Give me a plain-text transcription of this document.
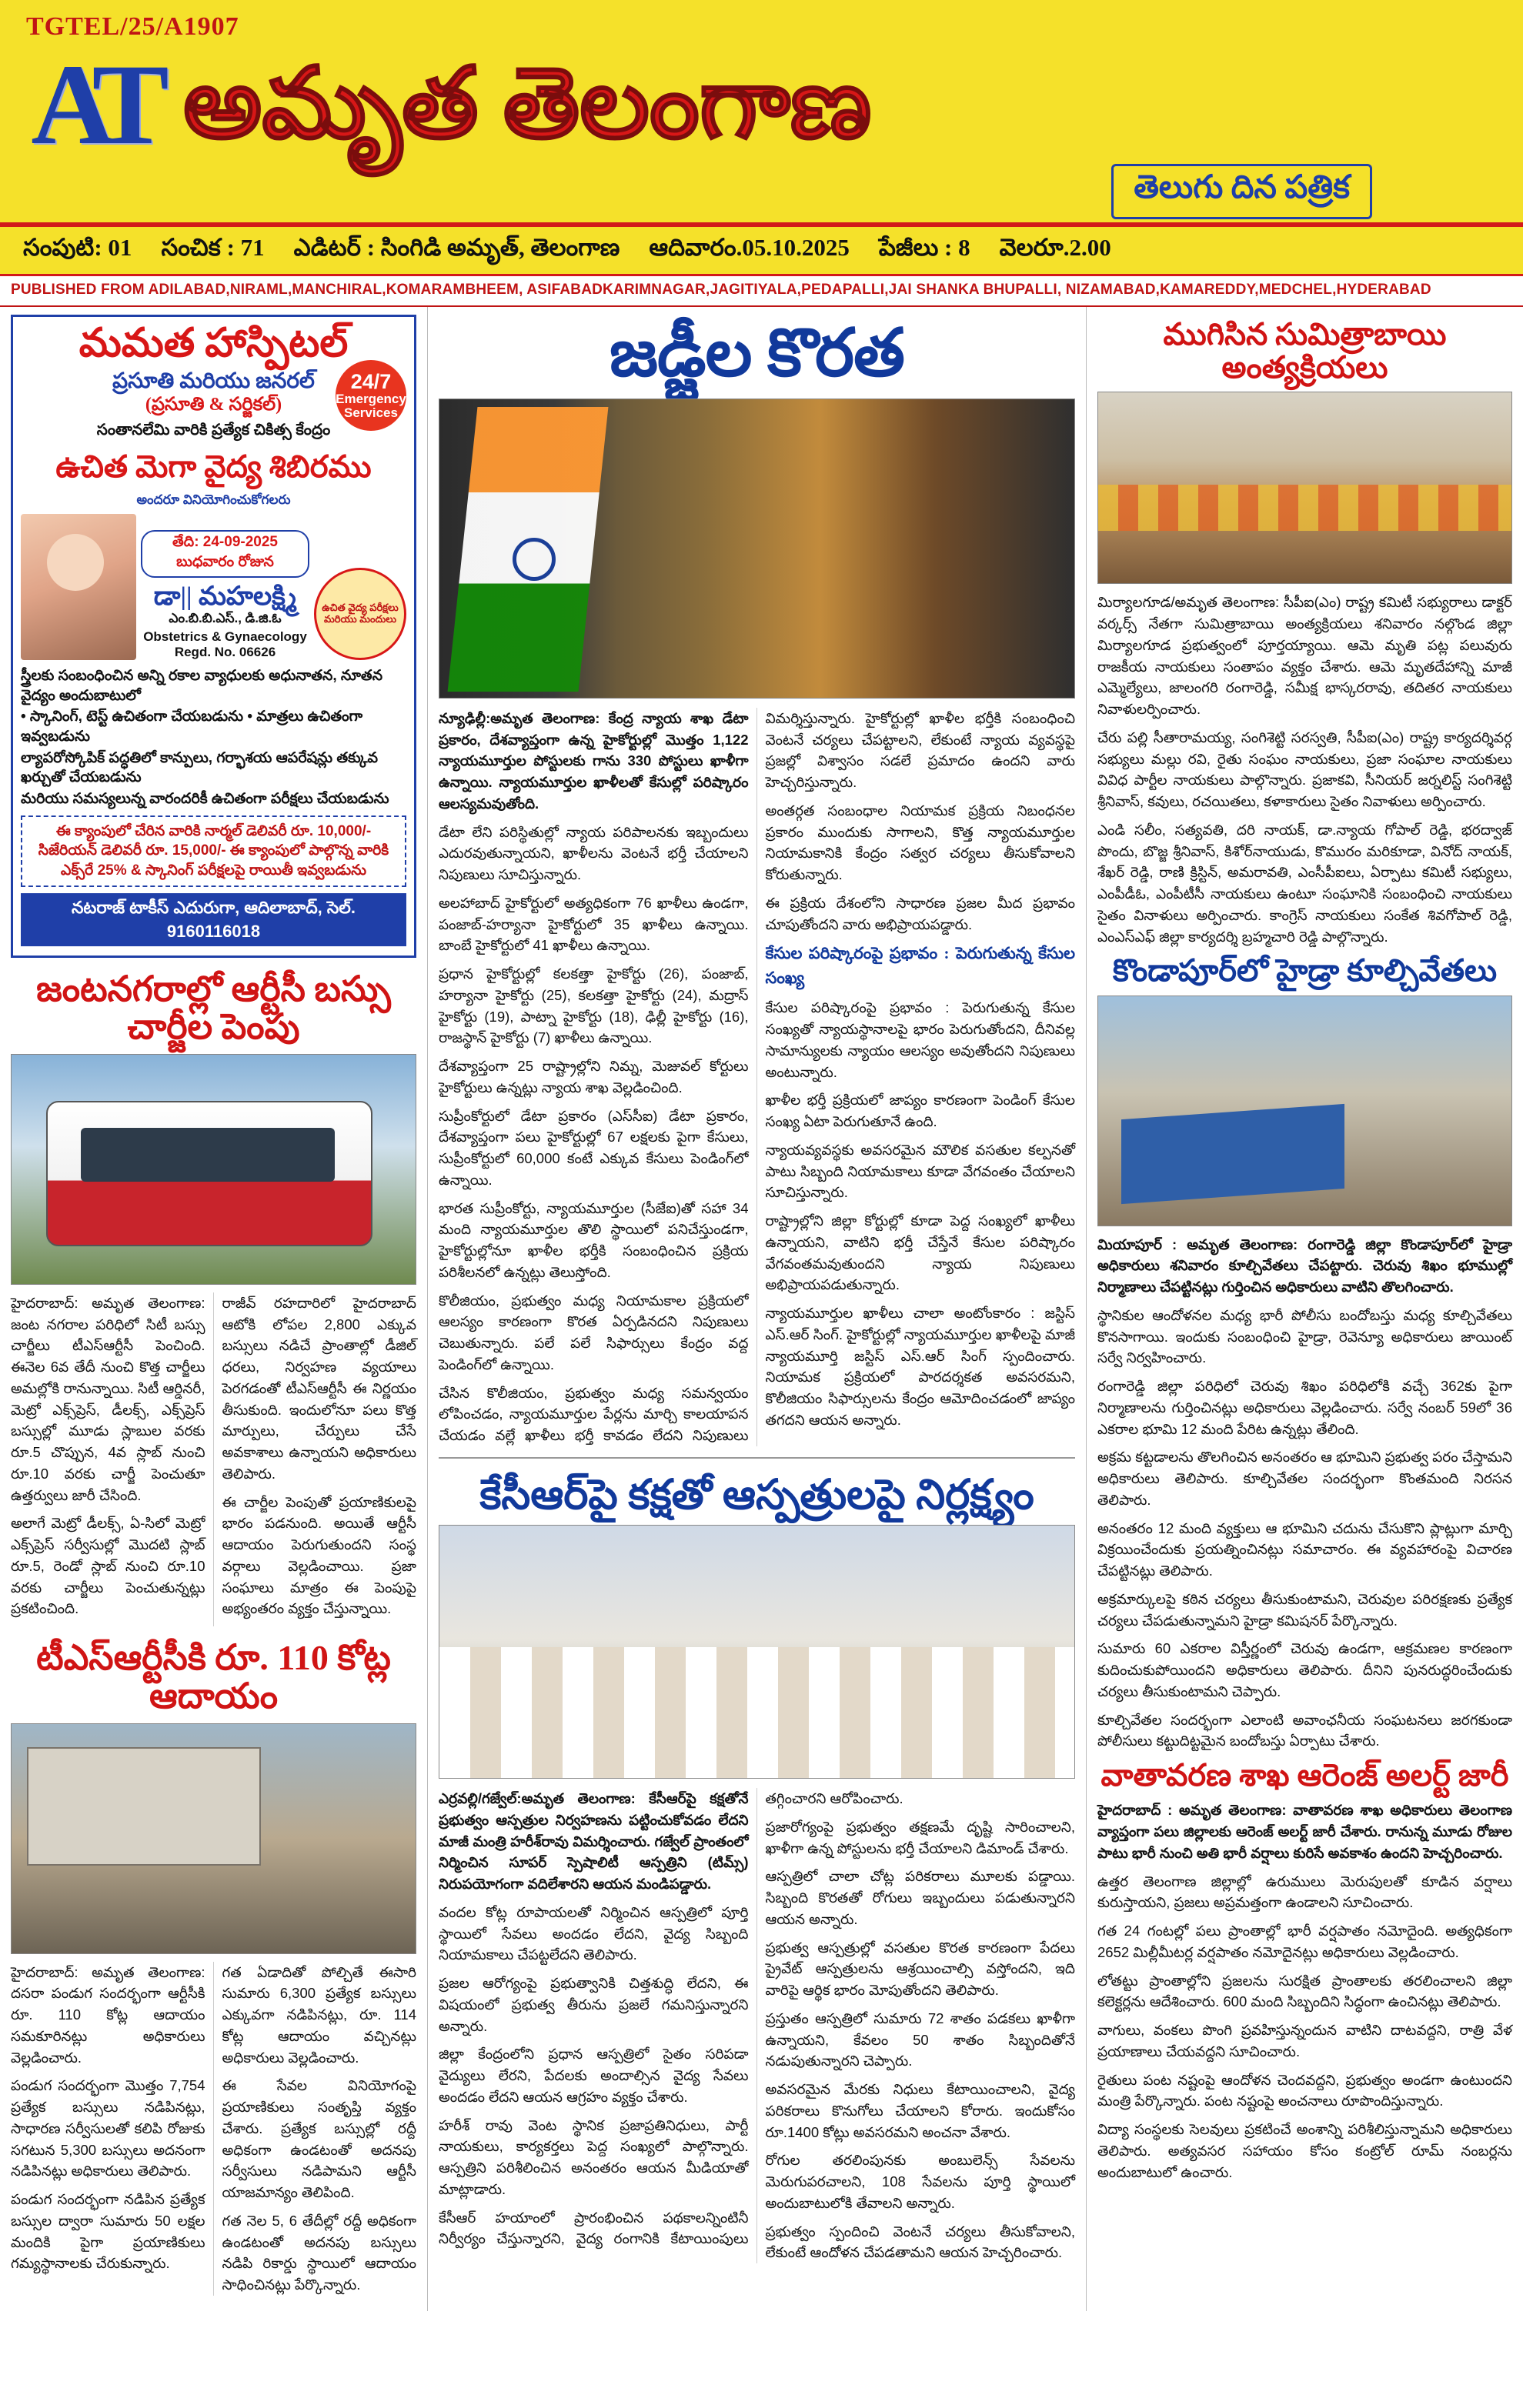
TGTEL/25/A1907
AT అమృత తెలంగాణ
తెలుగు దిన పత్రిక
సంపుటి: 01 సంచిక : 71 ఎడిటర్ : సింగిడి అమృత్, తెలంగాణ ఆదివారం.05.10.2025 పేజీలు : 8 వెలరూ.2.00
PUBLISHED FROM ADILABAD,NIRAML,MANCHIRAL,KOMARAMBHEEM, ASIFABADKARIMNAGAR,JAGITIYALA,PEDAPALLI,JAI SHANKA BHUPALLI, NIZAMABAD,KAMAREDDY,MEDCHEL,HYDERABAD
మమత హాస్పిటల్
ప్రసూతి మరియు జనరల్
(ప్రసూతి & సర్జికల్)
సంతానలేమి వారికి ప్రత్యేక చికిత్స కేంద్రం
24/7
Emergency Services
ఉచిత మెగా వైద్య శిబిరము
అందరూ వినియోగించుకోగలరు
తేది: 24-09-2025 బుధవారం రోజున
డా|| మహలక్ష్మి
ఎం.బి.బి.ఎస్., డి.జి.ఓ
Obstetrics & Gynaecology
Regd. No. 06626
ఉచిత వైద్య పరీక్షలు మరియు మందులు
స్త్రీలకు సంబంధించిన అన్ని రకాల వ్యాధులకు అధునాతన, నూతన వైద్యం అందుబాటులో
• స్కానింగ్, టెస్ట్ ఉచితంగా చేయబడును • మాత్రలు ఉచితంగా ఇవ్వబడును
ల్యాపరోస్కోపిక్ పద్ధతిలో కాన్పులు, గర్భాశయ ఆపరేషన్లు తక్కువ ఖర్చుతో చేయబడును
మరియు సమస్యలున్న వారందరికీ ఉచితంగా పరీక్షలు చేయబడును
ఈ క్యాంపులో చేరిన వారికి నార్మల్ డెలివరీ రూ. 10,000/- సిజేరియన్ డెలివరీ రూ. 15,000/- ఈ క్యాంపులో పాల్గొన్న వారికి ఎక్స్‌రే 25% & స్కానింగ్ పరీక్షలపై రాయితీ ఇవ్వబడును
నటరాజ్ టాకీస్ ఎదురుగా, ఆదిలాబాద్, సెల్. 9160116018
జంటనగరాల్లో ఆర్టీసీ బస్సు చార్జీల పెంపు

హైదరాబాద్: అమృత తెలంగాణ: జంట నగరాల పరిధిలో సిటీ బస్సు చార్జీలు టీఎస్ఆర్టీసీ పెంచింది. ఈనెల 6వ తేదీ నుంచి కొత్త చార్జీలు అమల్లోకి రానున్నాయి. సిటీ ఆర్డినరీ, మెట్రో ఎక్స్‌ప్రెస్, డీలక్స్, ఎక్స్‌ప్రెస్ బస్సుల్లో మూడు స్లాబుల వరకు రూ.5 చొప్పున, 4వ స్లాబ్ నుంచి రూ.10 వరకు చార్జీ పెంచుతూ ఉత్తర్వులు జారీ చేసింది.

అలాగే మెట్రో డీలక్స్, ఏ-సిలో మెట్రో ఎక్స్‌ప్రెస్ సర్వీసుల్లో మొదటి స్లాబ్ రూ.5, రెండో స్లాబ్ నుంచి రూ.10 వరకు చార్జీలు పెంచుతున్నట్లు ప్రకటించింది.

రాజీవ్ రహదారిలో హైదరాబాద్ ఆటోకి లోపల 2,800 ఎక్కువ బస్సులు నడిచే ప్రాంతాల్లో డీజిల్ ధరలు, నిర్వహణ వ్యయాలు పెరగడంతో టీఎస్ఆర్టీసీ ఈ నిర్ణయం తీసుకుంది. ఇందులోనూ పలు కొత్త మార్పులు, చేర్పులు చేసే అవకాశాలు ఉన్నాయని అధికారులు తెలిపారు.

ఈ చార్జీల పెంపుతో ప్రయాణికులపై భారం పడనుంది. అయితే ఆర్టీసీ ఆదాయం పెరుగుతుందని సంస్థ వర్గాలు వెల్లడించాయి. ప్రజా సంఘాలు మాత్రం ఈ పెంపుపై అభ్యంతరం వ్యక్తం చేస్తున్నాయి.

టీఎస్ఆర్టీసీకి రూ. 110 కోట్ల ఆదాయం

హైదరాబాద్: అమృత తెలంగాణ: దసరా పండుగ సందర్భంగా ఆర్టీసీకి రూ. 110 కోట్ల ఆదాయం సమకూరినట్లు అధికారులు వెల్లడించారు.

పండుగ సందర్భంగా మొత్తం 7,754 ప్రత్యేక బస్సులు నడిపినట్లు, సాధారణ సర్వీసులతో కలిపి రోజుకు సగటున 5,300 బస్సులు అదనంగా నడిపినట్లు అధికారులు తెలిపారు.

పండుగ సందర్భంగా నడిపిన ప్రత్యేక బస్సుల ద్వారా సుమారు 50 లక్షల మందికి పైగా ప్రయాణికులు గమ్యస్థానాలకు చేరుకున్నారు.

గత ఏడాదితో పోల్చితే ఈసారి సుమారు 6,300 ప్రత్యేక బస్సులు ఎక్కువగా నడిపినట్లు, రూ. 114 కోట్ల ఆదాయం వచ్చినట్లు అధికారులు వెల్లడించారు.

ఈ సేవల వినియోగంపై ప్రయాణికులు సంతృప్తి వ్యక్తం చేశారు. ప్రత్యేక బస్సుల్లో రద్దీ అధికంగా ఉండటంతో అదనపు సర్వీసులు నడిపామని ఆర్టీసీ యాజమాన్యం తెలిపింది.

గత నెల 5, 6 తేదీల్లో రద్దీ అధికంగా ఉండటంతో అదనపు బస్సులు నడిపి రికార్డు స్థాయిలో ఆదాయం సాధించినట్లు పేర్కొన్నారు.

జడ్జీల కొరత

న్యూఢిల్లీ:అమృత తెలంగాణ: కేంద్ర న్యాయ శాఖ డేటా ప్రకారం, దేశవ్యాప్తంగా ఉన్న హైకోర్టుల్లో మొత్తం 1,122 న్యాయమూర్తుల పోస్టులకు గాను 330 పోస్టులు ఖాళీగా ఉన్నాయి. న్యాయమూర్తుల ఖాళీలతో కేసుల్లో పరిష్కారం ఆలస్యమవుతోంది.

డేటా లేని పరిస్థితుల్లో న్యాయ పరిపాలనకు ఇబ్బందులు ఎదురవుతున్నాయని, ఖాళీలను వెంటనే భర్తీ చేయాలని నిపుణులు సూచిస్తున్నారు.

అలహాబాద్ హైకోర్టులో అత్యధికంగా 76 ఖాళీలు ఉండగా, పంజాబ్-హర్యానా హైకోర్టులో 35 ఖాళీలు ఉన్నాయి. బాంబే హైకోర్టులో 41 ఖాళీలు ఉన్నాయి.

ప్రధాన హైకోర్టుల్లో కలకత్తా హైకోర్టు (26), పంజాబ్, హర్యానా హైకోర్టు (25), కలకత్తా హైకోర్టు (24), మద్రాస్ హైకోర్టు (19), పాట్నా హైకోర్టు (18), ఢిల్లీ హైకోర్టు (16), రాజస్థాన్ హైకోర్టు (7) ఖాళీలు ఉన్నాయి.

దేశవ్యాప్తంగా 25 రాష్ట్రాల్లోని నిమ్న, మెజువల్ కోర్టులు హైకోర్టులు ఉన్నట్లు న్యాయ శాఖ వెల్లడించింది.

సుప్రీంకోర్టులో డేటా ప్రకారం (ఎస్‌సీఐ) డేటా ప్రకారం, దేశవ్యాప్తంగా పలు హైకోర్టుల్లో 67 లక్షలకు పైగా కేసులు, సుప్రీంకోర్టులో 60,000 కంటే ఎక్కువ కేసులు పెండింగ్‌లో ఉన్నాయి.

భారత సుప్రీంకోర్టు, న్యాయమూర్తుల (సీజేఐ)తో సహా 34 మంది న్యాయమూర్తుల తొలి స్థాయిలో పనిచేస్తుండగా, హైకోర్టుల్లోనూ ఖాళీల భర్తీకి సంబంధించిన ప్రక్రియ పరిశీలనలో ఉన్నట్లు తెలుస్తోంది.

కొలీజియం, ప్రభుత్వం మధ్య నియామకాల ప్రక్రియలో ఆలస్యం కారణంగా కొరత ఏర్పడినదని నిపుణులు చెబుతున్నారు. పలే పలే సిఫార్సులు కేంద్రం వద్ద పెండింగ్‌లో ఉన్నాయి.

చేసిన కొలీజియం, ప్రభుత్వం మధ్య సమన్వయం లోపించడం, న్యాయమూర్తుల పేర్లను మార్చి కాలయాపన చేయడం వల్లే ఖాళీలు భర్తీ కావడం లేదని నిపుణులు విమర్శిస్తున్నారు. హైకోర్టుల్లో ఖాళీల భర్తీకి సంబంధించి వెంటనే చర్యలు చేపట్టాలని, లేకుంటే న్యాయ వ్యవస్థపై ప్రజల్లో విశ్వాసం సడలే ప్రమాదం ఉందని వారు హెచ్చరిస్తున్నారు.

అంతర్గత సంబంధాల నియామక ప్రక్రియ నిబంధనల ప్రకారం ముందుకు సాగాలని, కొత్త న్యాయమూర్తుల నియామకానికి కేంద్రం సత్వర చర్యలు తీసుకోవాలని కోరుతున్నారు.

ఈ ప్రక్రియ దేశంలోని సాధారణ ప్రజల మీద ప్రభావం చూపుతోందని వారు అభిప్రాయపడ్డారు.

కేసుల పరిష్కారంపై ప్రభావం : పెరుగుతున్న కేసుల సంఖ్య

కేసుల పరిష్కారంపై ప్రభావం : పెరుగుతున్న కేసుల సంఖ్యతో న్యాయస్థానాలపై భారం పెరుగుతోందని, దీనివల్ల సామాన్యులకు న్యాయం ఆలస్యం అవుతోందని నిపుణులు అంటున్నారు.

ఖాళీల భర్తీ ప్రక్రియలో జాప్యం కారణంగా పెండింగ్ కేసుల సంఖ్య ఏటా పెరుగుతూనే ఉంది.

న్యాయవ్యవస్థకు అవసరమైన మౌలిక వసతుల కల్పనతో పాటు సిబ్బంది నియామకాలు కూడా వేగవంతం చేయాలని సూచిస్తున్నారు.

రాష్ట్రాల్లోని జిల్లా కోర్టుల్లో కూడా పెద్ద సంఖ్యలో ఖాళీలు ఉన్నాయని, వాటిని భర్తీ చేస్తేనే కేసుల పరిష్కారం వేగవంతమవుతుందని న్యాయ నిపుణులు అభిప్రాయపడుతున్నారు.

న్యాయమూర్తుల ఖాళీలు చాలా అంటోంకారం : జస్టిస్ ఎస్.ఆర్ సింగ్. హైకోర్టుల్లో న్యాయమూర్తుల ఖాళీలపై మాజీ న్యాయమూర్తి జస్టిస్ ఎస్.ఆర్ సింగ్ స్పందించారు. నియామక ప్రక్రియలో పారదర్శకత అవసరమని, కొలీజియం సిఫార్సులను కేంద్రం ఆమోదించడంలో జాప్యం తగదని ఆయన అన్నారు.

కేసీఆర్‌పై కక్షతో ఆస్పత్రులపై నిర్లక్ష్యం

ఎర్రవల్లి/గజ్వేల్:అమృత తెలంగాణ: కేసీఆర్‌పై కక్షతోనే ప్రభుత్వం ఆస్పత్రుల నిర్వహణను పట్టించుకోవడం లేదని మాజీ మంత్రి హరీశ్‌రావు విమర్శించారు. గజ్వేల్ ప్రాంతంలో నిర్మించిన సూపర్ స్పెషాలిటీ ఆస్పత్రిని (టిమ్స్) నిరుపయోగంగా వదిలేశారని ఆయన మండిపడ్డారు.

వందల కోట్ల రూపాయలతో నిర్మించిన ఆస్పత్రిలో పూర్తి స్థాయిలో సేవలు అందడం లేదని, వైద్య సిబ్బంది నియామకాలు చేపట్టలేదని తెలిపారు.

ప్రజల ఆరోగ్యంపై ప్రభుత్వానికి చిత్తశుద్ధి లేదని, ఈ విషయంలో ప్రభుత్వ తీరును ప్రజలే గమనిస్తున్నారని అన్నారు.

జిల్లా కేంద్రంలోని ప్రధాన ఆస్పత్రిలో సైతం సరిపడా వైద్యులు లేరని, పేదలకు అందాల్సిన వైద్య సేవలు అందడం లేదని ఆయన ఆగ్రహం వ్యక్తం చేశారు.

హరీశ్ రావు వెంట స్థానిక ప్రజాప్రతినిధులు, పార్టీ నాయకులు, కార్యకర్తలు పెద్ద సంఖ్యలో పాల్గొన్నారు. ఆస్పత్రిని పరిశీలించిన అనంతరం ఆయన మీడియాతో మాట్లాడారు.

కేసీఆర్ హయాంలో ప్రారంభించిన పథకాలన్నింటినీ నిర్వీర్యం చేస్తున్నారని, వైద్య రంగానికి కేటాయింపులు తగ్గించారని ఆరోపించారు.

ప్రజారోగ్యంపై ప్రభుత్వం తక్షణమే దృష్టి సారించాలని, ఖాళీగా ఉన్న పోస్టులను భర్తీ చేయాలని డిమాండ్ చేశారు.

ఆస్పత్రిలో చాలా చోట్ల పరికరాలు మూలకు పడ్డాయి. సిబ్బంది కొరతతో రోగులు ఇబ్బందులు పడుతున్నారని ఆయన అన్నారు.

ప్రభుత్వ ఆస్పత్రుల్లో వసతుల కొరత కారణంగా పేదలు ప్రైవేట్ ఆస్పత్రులను ఆశ్రయించాల్సి వస్తోందని, ఇది వారిపై ఆర్థిక భారం మోపుతోందని తెలిపారు.

ప్రస్తుతం ఆస్పత్రిలో సుమారు 72 శాతం పడకలు ఖాళీగా ఉన్నాయని, కేవలం 50 శాతం సిబ్బందితోనే నడుపుతున్నారని చెప్పారు.

అవసరమైన మేరకు నిధులు కేటాయించాలని, వైద్య పరికరాలు కొనుగోలు చేయాలని కోరారు. ఇందుకోసం రూ.1400 కోట్లు అవసరమని అంచనా వేశారు.

రోగుల తరలింపునకు అంబులెన్స్ సేవలను మెరుగుపరచాలని, 108 సేవలను పూర్తి స్థాయిలో అందుబాటులోకి తేవాలని అన్నారు.

ప్రభుత్వం స్పందించి వెంటనే చర్యలు తీసుకోవాలని, లేకుంటే ఆందోళన చేపడతామని ఆయన హెచ్చరించారు.

ముగిసిన సుమిత్రాబాయి అంత్యక్రియలు

మిర్యాలగూడ/అమృత తెలంగాణ: సీపీఐ(ఎం) రాష్ట్ర కమిటీ సభ్యురాలు డాక్టర్ వర్కర్స్ నేతగా సుమిత్రాబాయి అంత్యక్రియలు శనివారం నల్గొండ జిల్లా మిర్యాలగూడ ప్రభుత్వంలో పూర్తయ్యాయి. ఆమె మృతి పట్ల పలువురు రాజకీయ నాయకులు సంతాపం వ్యక్తం చేశారు. ఆమె మృతదేహాన్ని మాజీ ఎమ్మెల్యేలు, జాలంగరి రంగారెడ్డి, సమీక్ష భాస్కరరావు, తదితర నాయకులు నివాళులర్పించారు.

చేరు పల్లి సీతారామయ్య, సంగిశెట్టి సరస్వతి, సీపీఐ(ఎం) రాష్ట్ర కార్యదర్శివర్గ సభ్యులు మల్లు రవి, రైతు సంఘం నాయకులు, ప్రజా సంఘాల నాయకులు వివిధ పార్టీల నాయకులు పాల్గొన్నారు. ప్రజాకవి, సీనియర్ జర్నలిస్ట్ సంగిశెట్టి శ్రీనివాస్, కవులు, రచయితలు, కళాకారులు సైతం నివాళులు అర్పించారు.

ఎండి సలీం, సత్యవతి, దరి నాయక్, డా.న్యాయ గోపాల్ రెడ్డి, భరద్వాజ్ పొందు, బొజ్జ శ్రీనివాస్, కిశోర్‌నాయుడు, కొమురం మరికూడా, వినోద్ నాయక్, శేఖర్ రెడ్డి, రాణి క్రిస్టిన్, అమరావతి, ఎంసీపీఐలు, ఏర్పాటు కమిటీ సభ్యులు, ఎంపీడీఓ, ఎంపీటీసీ నాయకులు ఉంటూ సంఘానికి సంబంధించి నాయకులు సైతం వినాళులు అర్పించారు. కాంగ్రెస్ నాయకులు సంకేత శివగోపాల్ రెడ్డి, ఎంఎస్ఎఫ్ జిల్లా కార్యదర్శి బ్రహ్మచారి రెడ్డి పాల్గొన్నారు.

కొండాపూర్‌లో హైడ్రా కూల్చివేతలు

మియాపూర్ : అమృత తెలంగాణ: రంగారెడ్డి జిల్లా కొండాపూర్‌లో హైడ్రా అధికారులు శనివారం కూల్చివేతలు చేపట్టారు. చెరువు శిఖం భూముల్లో నిర్మాణాలు చేపట్టినట్లు గుర్తించిన అధికారులు వాటిని తొలగించారు.

స్థానికుల ఆందోళనల మధ్య భారీ పోలీసు బందోబస్తు మధ్య కూల్చివేతలు కొనసాగాయి. ఇందుకు సంబంధించి హైడ్రా, రెవెన్యూ అధికారులు జాయింట్ సర్వే నిర్వహించారు.

రంగారెడ్డి జిల్లా పరిధిలో చెరువు శిఖం పరిధిలోకి వచ్చే 362కు పైగా నిర్మాణాలను గుర్తించినట్లు అధికారులు వెల్లడించారు. సర్వే నంబర్ 59లో 36 ఎకరాల భూమి 12 మంది పేరిట ఉన్నట్లు తేలింది.

అక్రమ కట్టడాలను తొలగించిన అనంతరం ఆ భూమిని ప్రభుత్వ పరం చేస్తామని అధికారులు తెలిపారు. కూల్చివేతల సందర్భంగా కొంతమంది నిరసన తెలిపారు.

అనంతరం 12 మంది వ్యక్తులు ఆ భూమిని చదును చేసుకొని ప్లాట్లుగా మార్చి విక్రయించేందుకు ప్రయత్నించినట్లు సమాచారం. ఈ వ్యవహారంపై విచారణ చేపట్టినట్లు తెలిపారు.

అక్రమార్కులపై కఠిన చర్యలు తీసుకుంటామని, చెరువుల పరిరక్షణకు ప్రత్యేక చర్యలు చేపడుతున్నామని హైడ్రా కమిషనర్ పేర్కొన్నారు.

సుమారు 60 ఎకరాల విస్తీర్ణంలో చెరువు ఉండగా, ఆక్రమణల కారణంగా కుదించుకుపోయిందని అధికారులు తెలిపారు. దీనిని పునరుద్ధరించేందుకు చర్యలు తీసుకుంటామని చెప్పారు.

కూల్చివేతల సందర్భంగా ఎలాంటి అవాంఛనీయ సంఘటనలు జరగకుండా పోలీసులు కట్టుదిట్టమైన బందోబస్తు ఏర్పాటు చేశారు.

వాతావరణ శాఖ ఆరెంజ్ అలర్ట్ జారీ

హైదరాబాద్ : అమృత తెలంగాణ: వాతావరణ శాఖ అధికారులు తెలంగాణ వ్యాప్తంగా పలు జిల్లాలకు ఆరెంజ్ అలర్ట్ జారీ చేశారు. రానున్న మూడు రోజుల పాటు భారీ నుంచి అతి భారీ వర్షాలు కురిసే అవకాశం ఉందని హెచ్చరించారు.

ఉత్తర తెలంగాణ జిల్లాల్లో ఉరుములు మెరుపులతో కూడిన వర్షాలు కురుస్తాయని, ప్రజలు అప్రమత్తంగా ఉండాలని సూచించారు.

గత 24 గంటల్లో పలు ప్రాంతాల్లో భారీ వర్షపాతం నమోదైంది. అత్యధికంగా 2652 మిల్లీమీటర్ల వర్షపాతం నమోదైనట్లు అధికారులు వెల్లడించారు.

లోతట్టు ప్రాంతాల్లోని ప్రజలను సురక్షిత ప్రాంతాలకు తరలించాలని జిల్లా కలెక్టర్లను ఆదేశించారు. 600 మంది సిబ్బందిని సిద్ధంగా ఉంచినట్లు తెలిపారు.

వాగులు, వంకలు పొంగి ప్రవహిస్తున్నందున వాటిని దాటవద్దని, రాత్రి వేళ ప్రయాణాలు చేయవద్దని సూచించారు.

రైతులు పంట నష్టంపై ఆందోళన చెందవద్దని, ప్రభుత్వం అండగా ఉంటుందని మంత్రి పేర్కొన్నారు. పంట నష్టంపై అంచనాలు రూపొందిస్తున్నారు.

విద్యా సంస్థలకు సెలవులు ప్రకటించే అంశాన్ని పరిశీలిస్తున్నామని అధికారులు తెలిపారు. అత్యవసర సహాయం కోసం కంట్రోల్ రూమ్ నంబర్లను అందుబాటులో ఉంచారు.
